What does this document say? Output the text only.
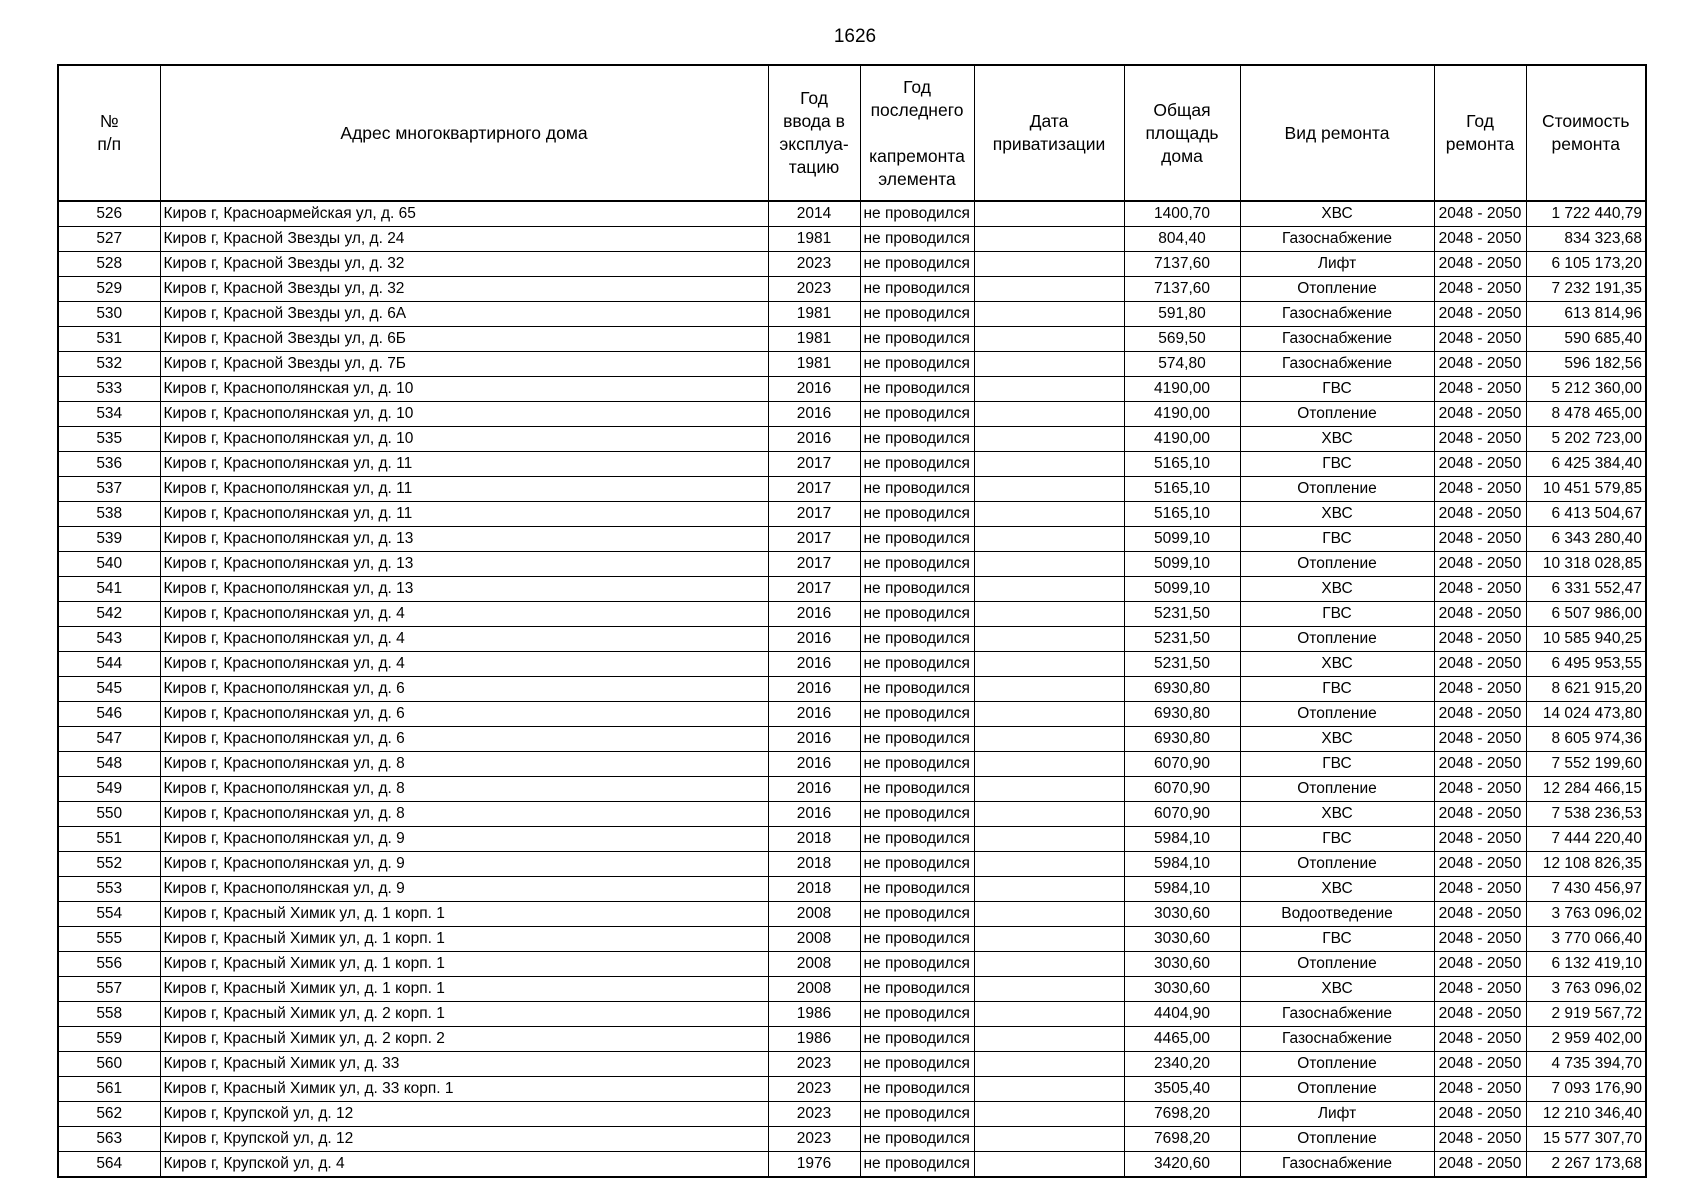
1626
№
п/п	Адрес многоквартирного дома	Год
ввода в
эксплуа-
тацию	Год
последнего

капремонта
элемента	Дата
приватизации	Общая
площадь
дома	Вид ремонта	Год
ремонта	Стоимость
ремонта

526	Киров г, Красноармейская ул, д. 65	2014	не проводился		1400,70	ХВС	2048 - 2050	1 722 440,79
527	Киров г, Красной Звезды ул, д. 24	1981	не проводился		804,40	Газоснабжение	2048 - 2050	834 323,68
528	Киров г, Красной Звезды ул, д. 32	2023	не проводился		7137,60	Лифт	2048 - 2050	6 105 173,20
529	Киров г, Красной Звезды ул, д. 32	2023	не проводился		7137,60	Отопление	2048 - 2050	7 232 191,35
530	Киров г, Красной Звезды ул, д. 6А	1981	не проводился		591,80	Газоснабжение	2048 - 2050	613 814,96
531	Киров г, Красной Звезды ул, д. 6Б	1981	не проводился		569,50	Газоснабжение	2048 - 2050	590 685,40
532	Киров г, Красной Звезды ул, д. 7Б	1981	не проводился		574,80	Газоснабжение	2048 - 2050	596 182,56
533	Киров г, Краснополянская ул, д. 10	2016	не проводился		4190,00	ГВС	2048 - 2050	5 212 360,00
534	Киров г, Краснополянская ул, д. 10	2016	не проводился		4190,00	Отопление	2048 - 2050	8 478 465,00
535	Киров г, Краснополянская ул, д. 10	2016	не проводился		4190,00	ХВС	2048 - 2050	5 202 723,00
536	Киров г, Краснополянская ул, д. 11	2017	не проводился		5165,10	ГВС	2048 - 2050	6 425 384,40
537	Киров г, Краснополянская ул, д. 11	2017	не проводился		5165,10	Отопление	2048 - 2050	10 451 579,85
538	Киров г, Краснополянская ул, д. 11	2017	не проводился		5165,10	ХВС	2048 - 2050	6 413 504,67
539	Киров г, Краснополянская ул, д. 13	2017	не проводился		5099,10	ГВС	2048 - 2050	6 343 280,40
540	Киров г, Краснополянская ул, д. 13	2017	не проводился		5099,10	Отопление	2048 - 2050	10 318 028,85
541	Киров г, Краснополянская ул, д. 13	2017	не проводился		5099,10	ХВС	2048 - 2050	6 331 552,47
542	Киров г, Краснополянская ул, д. 4	2016	не проводился		5231,50	ГВС	2048 - 2050	6 507 986,00
543	Киров г, Краснополянская ул, д. 4	2016	не проводился		5231,50	Отопление	2048 - 2050	10 585 940,25
544	Киров г, Краснополянская ул, д. 4	2016	не проводился		5231,50	ХВС	2048 - 2050	6 495 953,55
545	Киров г, Краснополянская ул, д. 6	2016	не проводился		6930,80	ГВС	2048 - 2050	8 621 915,20
546	Киров г, Краснополянская ул, д. 6	2016	не проводился		6930,80	Отопление	2048 - 2050	14 024 473,80
547	Киров г, Краснополянская ул, д. 6	2016	не проводился		6930,80	ХВС	2048 - 2050	8 605 974,36
548	Киров г, Краснополянская ул, д. 8	2016	не проводился		6070,90	ГВС	2048 - 2050	7 552 199,60
549	Киров г, Краснополянская ул, д. 8	2016	не проводился		6070,90	Отопление	2048 - 2050	12 284 466,15
550	Киров г, Краснополянская ул, д. 8	2016	не проводился		6070,90	ХВС	2048 - 2050	7 538 236,53
551	Киров г, Краснополянская ул, д. 9	2018	не проводился		5984,10	ГВС	2048 - 2050	7 444 220,40
552	Киров г, Краснополянская ул, д. 9	2018	не проводился		5984,10	Отопление	2048 - 2050	12 108 826,35
553	Киров г, Краснополянская ул, д. 9	2018	не проводился		5984,10	ХВС	2048 - 2050	7 430 456,97
554	Киров г, Красный Химик ул, д. 1 корп. 1	2008	не проводился		3030,60	Водоотведение	2048 - 2050	3 763 096,02
555	Киров г, Красный Химик ул, д. 1 корп. 1	2008	не проводился		3030,60	ГВС	2048 - 2050	3 770 066,40
556	Киров г, Красный Химик ул, д. 1 корп. 1	2008	не проводился		3030,60	Отопление	2048 - 2050	6 132 419,10
557	Киров г, Красный Химик ул, д. 1 корп. 1	2008	не проводился		3030,60	ХВС	2048 - 2050	3 763 096,02
558	Киров г, Красный Химик ул, д. 2 корп. 1	1986	не проводился		4404,90	Газоснабжение	2048 - 2050	2 919 567,72
559	Киров г, Красный Химик ул, д. 2 корп. 2	1986	не проводился		4465,00	Газоснабжение	2048 - 2050	2 959 402,00
560	Киров г, Красный Химик ул, д. 33	2023	не проводился		2340,20	Отопление	2048 - 2050	4 735 394,70
561	Киров г, Красный Химик ул, д. 33 корп. 1	2023	не проводился		3505,40	Отопление	2048 - 2050	7 093 176,90
562	Киров г, Крупской ул, д. 12	2023	не проводился		7698,20	Лифт	2048 - 2050	12 210 346,40
563	Киров г, Крупской ул, д. 12	2023	не проводился		7698,20	Отопление	2048 - 2050	15 577 307,70
564	Киров г, Крупской ул, д. 4	1976	не проводился		3420,60	Газоснабжение	2048 - 2050	2 267 173,68
